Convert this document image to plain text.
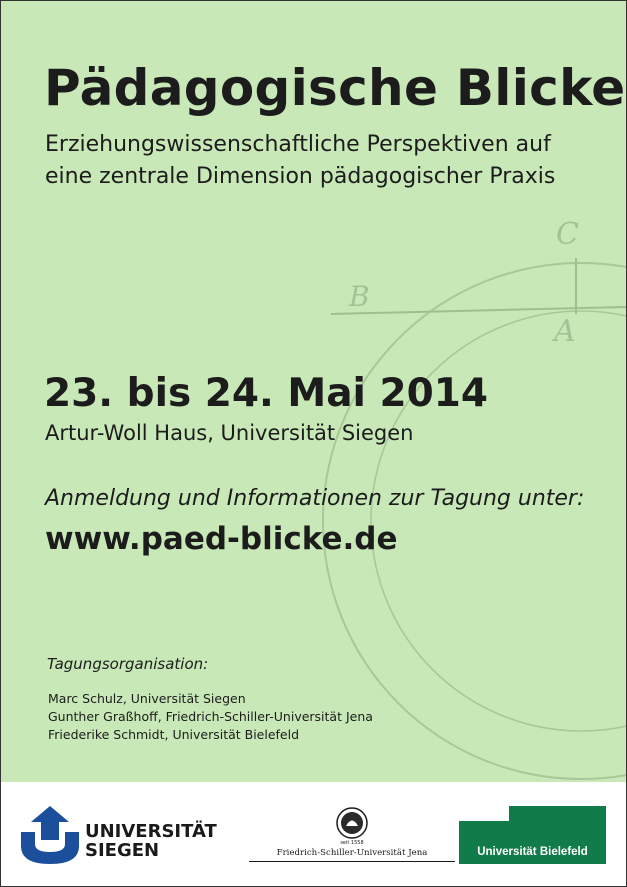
C
B
A
Pädagogische Blicke
Erziehungswissenschaftliche Perspektiven auf
eine zentrale Dimension pädagogischer Praxis
23. bis 24. Mai 2014
Artur-Woll Haus, Universität Siegen
Anmeldung und Informationen zur Tagung unter:
www.paed-blicke.de
Tagungsorganisation:
Marc Schulz, Universität Siegen
Gunther Graßhoff, Friedrich-Schiller-Universität Jena
Friederike Schmidt, Universität Bielefeld
UNIVERSITÄT
SIEGEN	seit 1558
Friedrich-Schiller-Universität Jena	Universität Bielefeld
